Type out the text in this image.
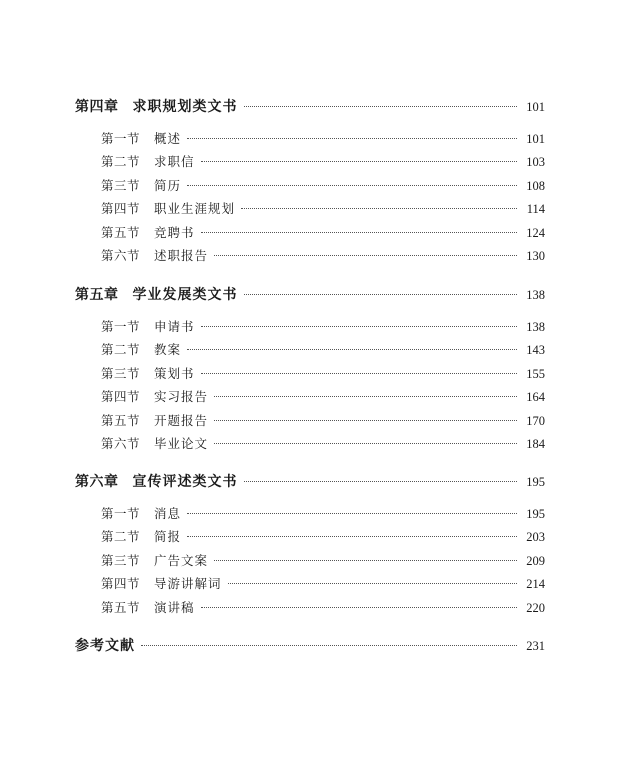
第四章 求职规划类文书	101
第一节 概述	101
第二节 求职信	103
第三节 简历	108
第四节 职业生涯规划	114
第五节 竞聘书	124
第六节 述职报告	130
第五章 学业发展类文书	138
第一节 申请书	138
第二节 教案	143
第三节 策划书	155
第四节 实习报告	164
第五节 开题报告	170
第六节 毕业论文	184
第六章 宣传评述类文书	195
第一节 消息	195
第二节 简报	203
第三节 广告文案	209
第四节 导游讲解词	214
第五节 演讲稿	220
参考文献	231
